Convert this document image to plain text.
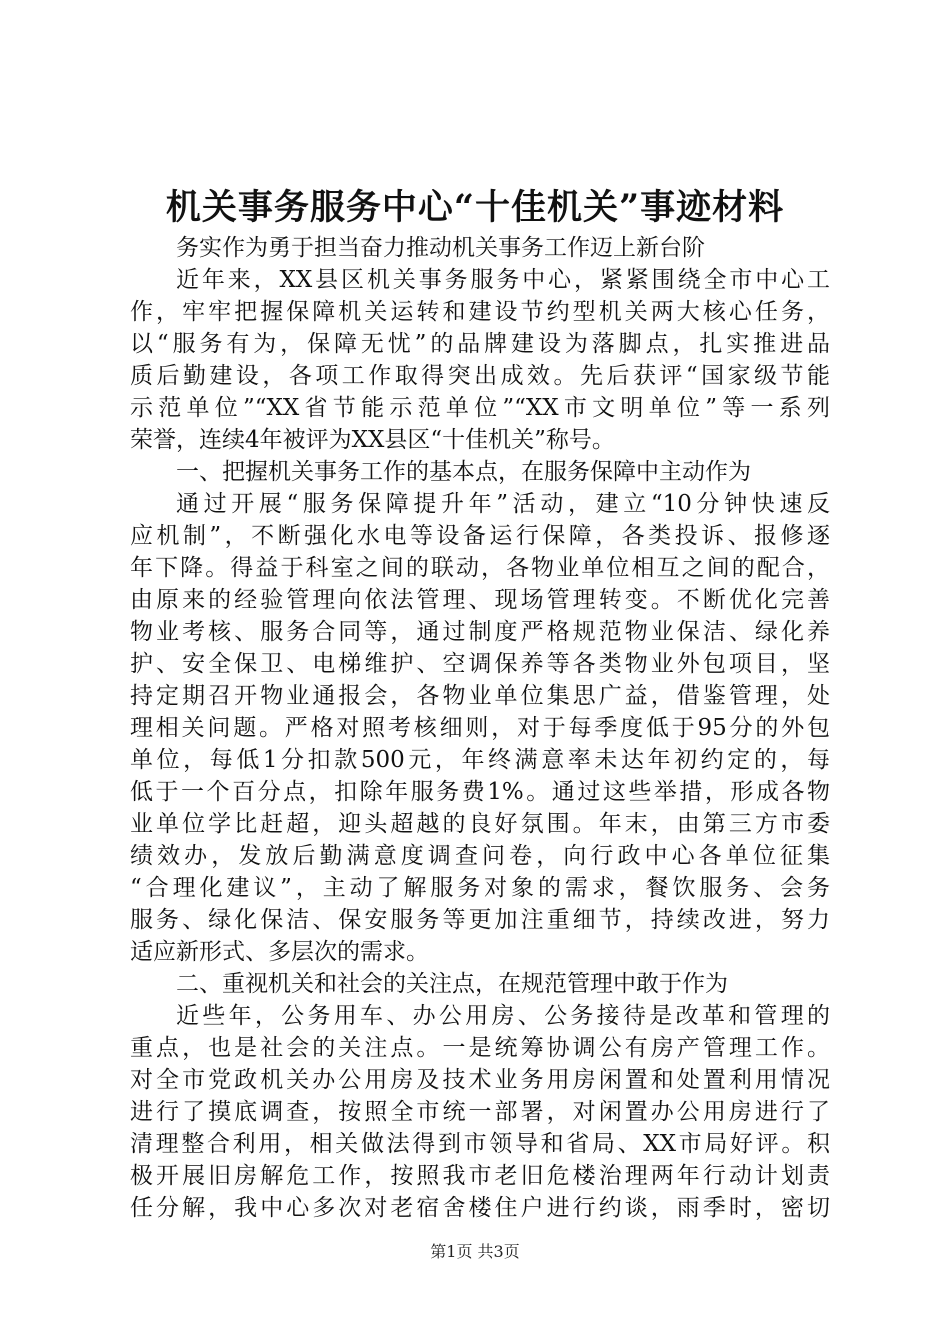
机关事务服务中心“十佳机关”事迹材料
务实作为勇于担当奋力推动机关事务工作迈上新台阶
近年来，XX县区机关事务服务中心，紧紧围绕全市中心工
作，牢牢把握保障机关运转和建设节约型机关两大核心任务，
以“服务有为，保障无忧”的品牌建设为落脚点，扎实推进品
质后勤建设，各项工作取得突出成效。先后获评“国家级节能
示范单位”“XX省节能示范单位”“XX市文明单位”等一系列
荣誉，连续4年被评为XX县区“十佳机关”称号。
一、把握机关事务工作的基本点，在服务保障中主动作为
通过开展“服务保障提升年”活动，建立“10分钟快速反
应机制”，不断强化水电等设备运行保障，各类投诉、报修逐
年下降。得益于科室之间的联动，各物业单位相互之间的配合，
由原来的经验管理向依法管理、现场管理转变。不断优化完善
物业考核、服务合同等，通过制度严格规范物业保洁、绿化养
护、安全保卫、电梯维护、空调保养等各类物业外包项目，坚
持定期召开物业通报会，各物业单位集思广益，借鉴管理，处
理相关问题。严格对照考核细则，对于每季度低于95分的外包
单位，每低1分扣款500元，年终满意率未达年初约定的，每
低于一个百分点，扣除年服务费1%。通过这些举措，形成各物
业单位学比赶超，迎头超越的良好氛围。年末，由第三方市委
绩效办，发放后勤满意度调查问卷，向行政中心各单位征集
“合理化建议”，主动了解服务对象的需求，餐饮服务、会务
服务、绿化保洁、保安服务等更加注重细节，持续改进，努力
适应新形式、多层次的需求。
二、重视机关和社会的关注点，在规范管理中敢于作为
近些年，公务用车、办公用房、公务接待是改革和管理的
重点，也是社会的关注点。一是统筹协调公有房产管理工作。
对全市党政机关办公用房及技术业务用房闲置和处置利用情况
进行了摸底调查，按照全市统一部署，对闲置办公用房进行了
清理整合利用，相关做法得到市领导和省局、XX市局好评。积
极开展旧房解危工作，按照我市老旧危楼治理两年行动计划责
任分解，我中心多次对老宿舍楼住户进行约谈，雨季时，密切
第1页 共3页
